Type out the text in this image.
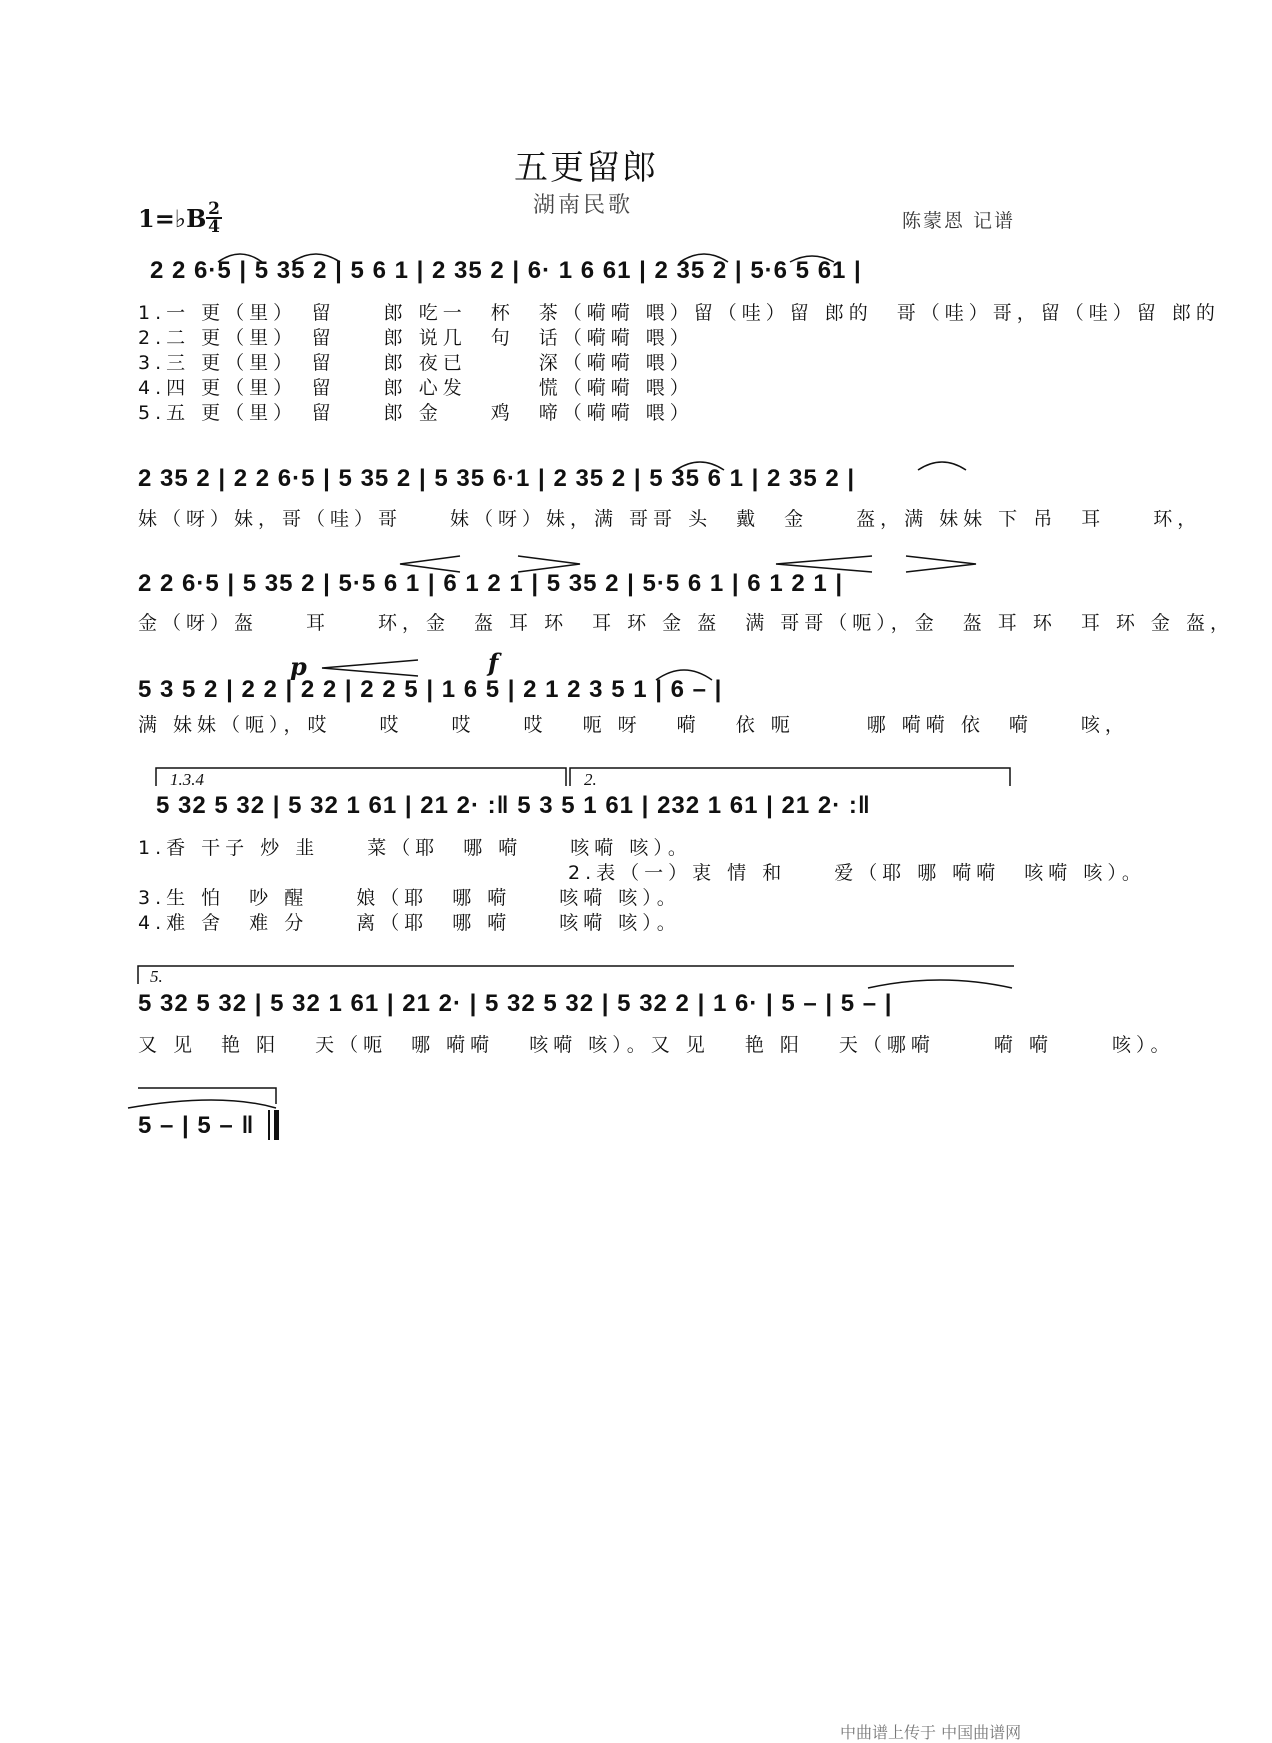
五更留郎
湖南民歌
陈蒙恩 记谱
1=♭B 2
4
2 2 6·5 | 5 35 2 | 5 6 1 | 2 35 2 | 6· 1 6 61 | 2 35 2 | 5·6 5 61 |
1.一 更（里）　留　　郎 吃一　杯　茶（嗬嗬 喂）留（哇）留 郎的　哥（哇）哥，留（哇）留 郎的
2.二 更（里）　留　　郎 说几　句　话（嗬嗬 喂）
3.三 更（里）　留　　郎 夜已　　　深（嗬嗬 喂）
4.四 更（里）　留　　郎 心发　　　慌（嗬嗬 喂）
5.五 更（里）　留　　郎 金　　鸡　啼（嗬嗬 喂）
2 35 2 | 2 2 6·5 | 5 35 2 | 5 35 6·1 | 2 35 2 | 5 35 6 1 | 2 35 2 |
妹（呀）妹，哥（哇）哥　　妹（呀）妹，满 哥哥 头　戴　金　　盔，满 妹妹 下 吊　耳　　环，
2 2 6·5 | 5 35 2 | 5·5 6 1 | 6 1 2 1 | 5 35 2 | 5·5 6 1 | 6 1 2 1 |
金（呀）盔　　耳　　环，金　盔 耳 环　耳 环 金 盔　满 哥哥（呃），金　盔 耳 环　耳 环 金 盔，
p	f
5 3 5 2 | 2 2 | 2 2 | 2 2 5 | 1 6 5 | 2 1 2 3 5 1 | 6 – |
满 妹妹（呃），哎　　哎　　哎　　哎　 呃 呀　 嗬　 依 呃　　　哪 嗬嗬 依　嗬　　咳，
1.3.4	2.
5 32 5 32 | 5 32 1 61 | 21 2· :‖ 5 3 5 1 61 | 232 1 61 | 21 2· :‖
1.香 干子 炒 韭　　菜（耶　哪 嗬　　咳嗬 咳）。
2.表（一）衷 情 和　　爱（耶 哪 嗬嗬　咳嗬 咳）。
3.生 怕　吵 醒　　娘（耶　哪 嗬　　咳嗬 咳）。
4.难 舍　难 分　　离（耶　哪 嗬　　咳嗬 咳）。
5.
5 32 5 32 | 5 32 1 61 | 21 2· | 5 32 5 32 | 5 32 2 | 1 6· | 5 – | 5 – |
又 见　艳 阳　 天（呃　哪 嗬嗬　 咳嗬 咳）。又 见　 艳 阳　 天（哪嗬　　 嗬 嗬　　 咳）。
5 – | 5 – ‖
中曲谱上传于 中国曲谱网
